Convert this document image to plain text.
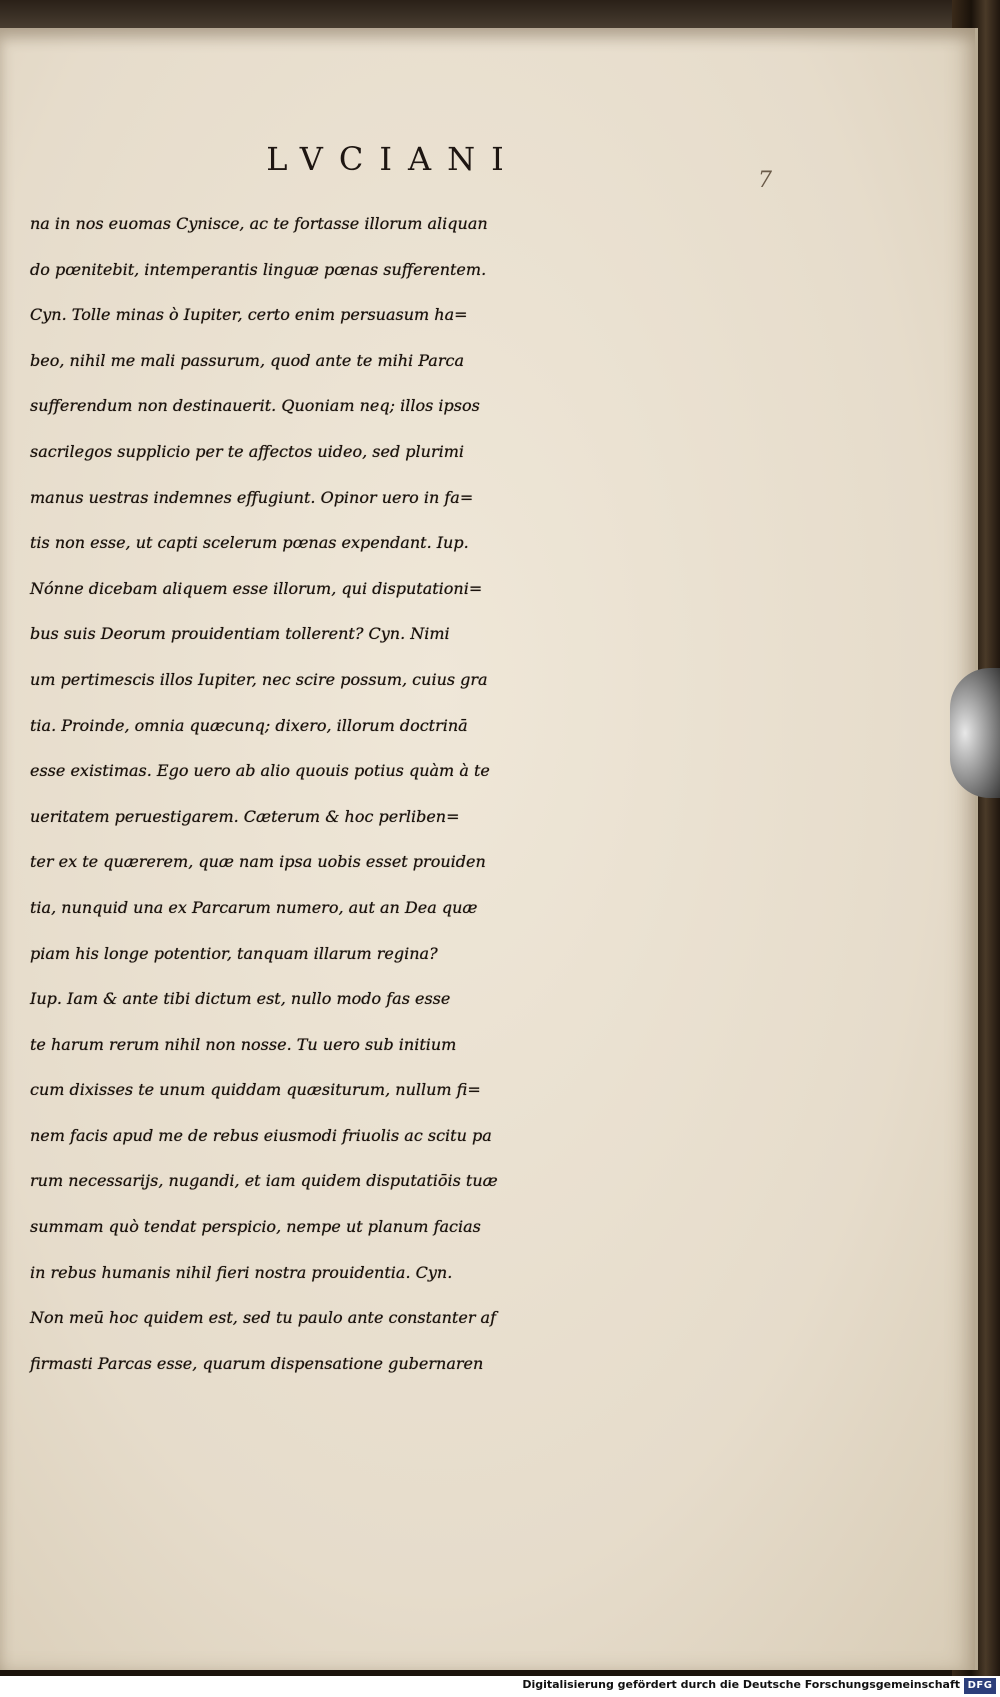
LVCIANI
7
na in nos euomas Cynisce, ac te fortasse illorum aliquan
do pœnitebit, intemperantis linguæ pœnas sufferentem.
Cyn. Tolle minas ò Iupiter, certo enim persuasum ha=
beo, nihil me mali passurum, quod ante te mihi Parca
sufferendum non destinauerit. Quoniam neq; illos ipsos
sacrilegos supplicio per te affectos uideo, sed plurimi
manus uestras indemnes effugiunt. Opinor uero in fa=
tis non esse, ut capti scelerum pœnas expendant. Iup.
Nónne dicebam aliquem esse illorum, qui disputationi=
bus suis Deorum prouidentiam tollerent? Cyn. Nimi
um pertimescis illos Iupiter, nec scire possum, cuius gra
tia. Proinde, omnia quæcunq; dixero, illorum doctrinā
esse existimas. Ego uero ab alio quouis potius quàm à te
ueritatem peruestigarem. Cæterum & hoc perliben=
ter ex te quærerem, quæ nam ipsa uobis esset prouiden
tia, nunquid una ex Parcarum numero, aut an Dea quæ
piam his longe potentior, tanquam illarum regina?
Iup. Iam & ante tibi dictum est, nullo modo fas esse
te harum rerum nihil non nosse. Tu uero sub initium
cum dixisses te unum quiddam quæsiturum, nullum fi=
nem facis apud me de rebus eiusmodi friuolis ac scitu pa
rum necessarijs, nugandi, et iam quidem disputatiōis tuæ
summam quò tendat perspicio, nempe ut planum facias
in rebus humanis nihil fieri nostra prouidentia. Cyn.
Non meū hoc quidem est, sed tu paulo ante constanter af
firmasti Parcas esse, quarum dispensatione gubernaren
Digitalisierung gefördert durch die Deutsche Forschungsgemeinschaft DFG
